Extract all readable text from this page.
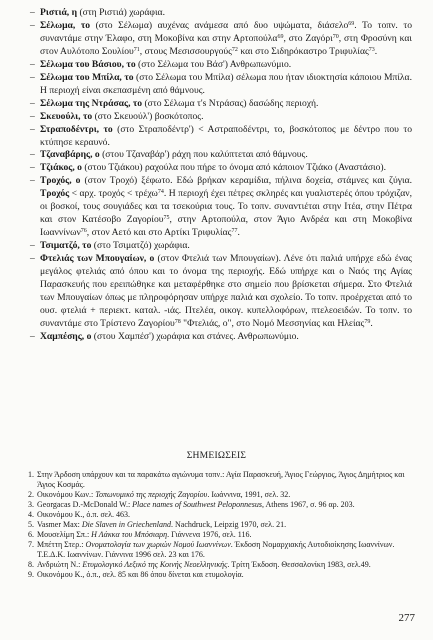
– Ριστιά, η (στη Ριστιά) χωράφια.
– Σέλωμα, το (στο Σέλωμα) αυχένας ανάμεσα από δυο υψώματα, διάσελο$^{69}$. Το τοπν. το συναντάμε στην Έλαφο, στη Μοκοβίνα και στην Αρτοπούλα$^{69}$, στο Ζαγόρι$^{70}$, στη Φροσύνη και στον Αυλότοπο Σουλίου$^{71}$, στους Μεσισσουργούς$^{72}$ και στο Σιδηρόκαστρο Τριφυλίας$^{73}$.
– Σέλωμα του Βάσιου, το (στο Σέλωμα του Βάσ') Ανθρωπωνύμιο.
– Σέλωμα του Μπίλα, το (στο Σέλωμα του Μπίλα) σέλωμα που ήταν ιδιοκτησία κάποιου Μπίλα. Η περιοχή είναι σκεπασμένη από θάμνους.
– Σέλωμα της Ντράσας, το (στο Σέλωμα τ's Ντράσας) δασώδης περιοχή.
– Σκευούλι, το (στο Σκευούλ') βοσκότοπος.
– Στραποδέντρι, το (στο Στραποδέντρ') < Αστραποδέντρι, το, βοσκότοπος με δέντρο που το κτύπησε κεραυνό.
– Τζαναβάρης, ο (στου Τζαναβάρ') ράχη που καλύπτεται από θάμνους.
– Τζιάκος, ο (στου Τζιάκου) ραχούλα που πήρε το όνομα από κάποιον Τζιάκο (Αναστάσιο).
– Τροχός, ο (στον Τροχό) ξέφωτο. Εδώ βρήκαν κεραμίδια, πήλινα δοχεία, στάμνες και ζύγια. Τροχός < αρχ. τροχός < τρέχω$^{74}$. Η περιοχή έχει πέτρες σκληρές και γυαλιστερές όπου τρόχιζαν, οι βοσκοί, τους σουγιάδες και τα τσεκούρια τους. Το τοπν. συναντιέται στην Ιτέα, στην Πέτρα και στον Κατέσοβο Ζαγορίου$^{75}$, στην Αρτοπούλα, στον Άγιο Ανδρέα και στη Μοκοβίνα Ιωαννίνων$^{76}$, στον Αετό και στο Αρτίκι Τριφυλίας$^{77}$.
– Τσιματζό, το (στο Τσιματζό) χωράφια.
– Φτελιάς των Μπουγαίων, ο (στον Φτελιά των Μπουγαίων). Λένε ότι παλιά υπήρχε εδώ ένας μεγάλος φτελιάς από όπου και το όνομα της περιοχής. Εδώ υπήρχε και ο Ναός της Αγίας Παρασκευής που ερειπώθηκε και μεταφέρθηκε στο σημείο που βρίσκεται σήμερα. Στο Φτελιά των Μπουγαίων όπως με πληροφόρησαν υπήρχε παλιά και σχολείο. Το τοπν. προέρχεται από το ουσ. φτελιά + περιεκτ. καταλ. -ιάς. Πτελέα, οικογ. κυπελλοφόρων, πτελεοειδών. Το τοπν. το συναντάμε στο Τρίστενο Ζαγορίου$^{78}$ "Φτελιάς, ο", στο Νομό Μεσσηνίας και Ηλείας$^{79}$.
– Χαμπέσης, ο (στου Χαμπέσ') χωράφια και στάνες. Ανθρωπωνύμιο.
ΣΗΜΕΙΩΣΕΙΣ
1. Στην Άρδοση υπάρχουν και τα παρακάτω αγιώνυμα τοπν.: Αγία Παρασκευή, Άγιος Γεώργιος, Άγιος Δημήτριος και Άγιος Κοσμάς.
2. Οικονόμου Κων.: Τοπωνυμικό της περιοχής Ζαγορίου. Ιωάννινα, 1991, σελ. 32.
3. Georgacas D.-McDonald W.: Place names of Southwest Peloponnesus, Athens 1967, σ. 96 αρ. 203.
4. Οικονόμου Κ., ό.π. σελ. 463.
5. Vasmer Max: Die Slaven in Griechenland. Nachdruck, Leipzig 1970, σελ. 21.
6. Μουσελίμη Σπ.: Η Λάκκα του Μπόσιαρη. Γιάννενα 1976, σελ. 116.
7. Μπέττη Στερ.: Ονοματολογία των χωριών Νομού Ιωαννίνων. Έκδοση Νομαρχιακής Αυτοδιοίκησης Ιωαννίνων. Τ.Ε.Δ.Κ. Ιωαννίνων. Γιάννινα 1996 σελ. 23 και 176.
8. Ανδριώτη Ν.: Ετυμολογικό Λεξικό της Κοινής Νεοελληνικής. Τρίτη Έκδοση. Θεσσαλονίκη 1983, σελ.49.
9. Οικονόμου Κ., ό.π., σελ. 85 και 86 όπου δίνεται και ετυμολογία.
277
